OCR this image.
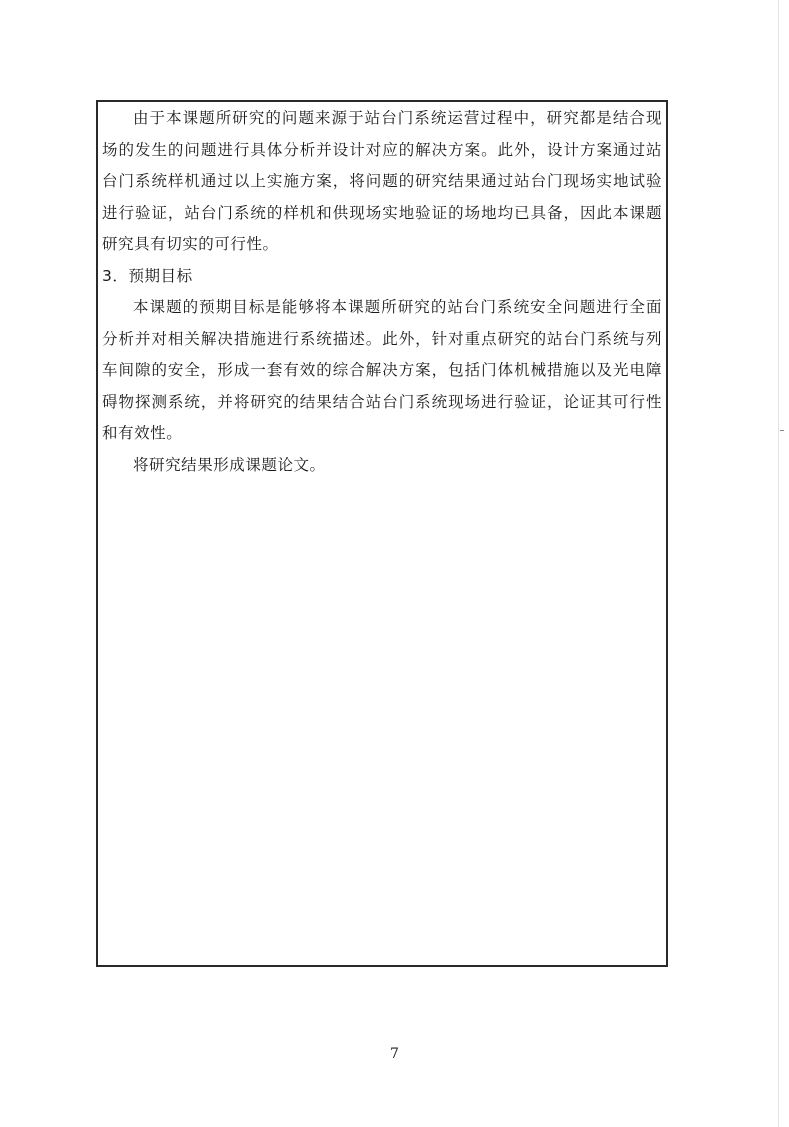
由于本课题所研究的问题来源于站台门系统运营过程中，研究都是结合现场的发生的问题进行具体分析并设计对应的解决方案。此外，设计方案通过站台门系统样机通过以上实施方案，将问题的研究结果通过站台门现场实地试验进行验证，站台门系统的样机和供现场实地验证的场地均已具备，因此本课题研究具有切实的可行性。

3．预期目标

本课题的预期目标是能够将本课题所研究的站台门系统安全问题进行全面分析并对相关解决措施进行系统描述。此外，针对重点研究的站台门系统与列车间隙的安全，形成一套有效的综合解决方案，包括门体机械措施以及光电障碍物探测系统，并将研究的结果结合站台门系统现场进行验证，论证其可行性和有效性。

将研究结果形成课题论文。

7
